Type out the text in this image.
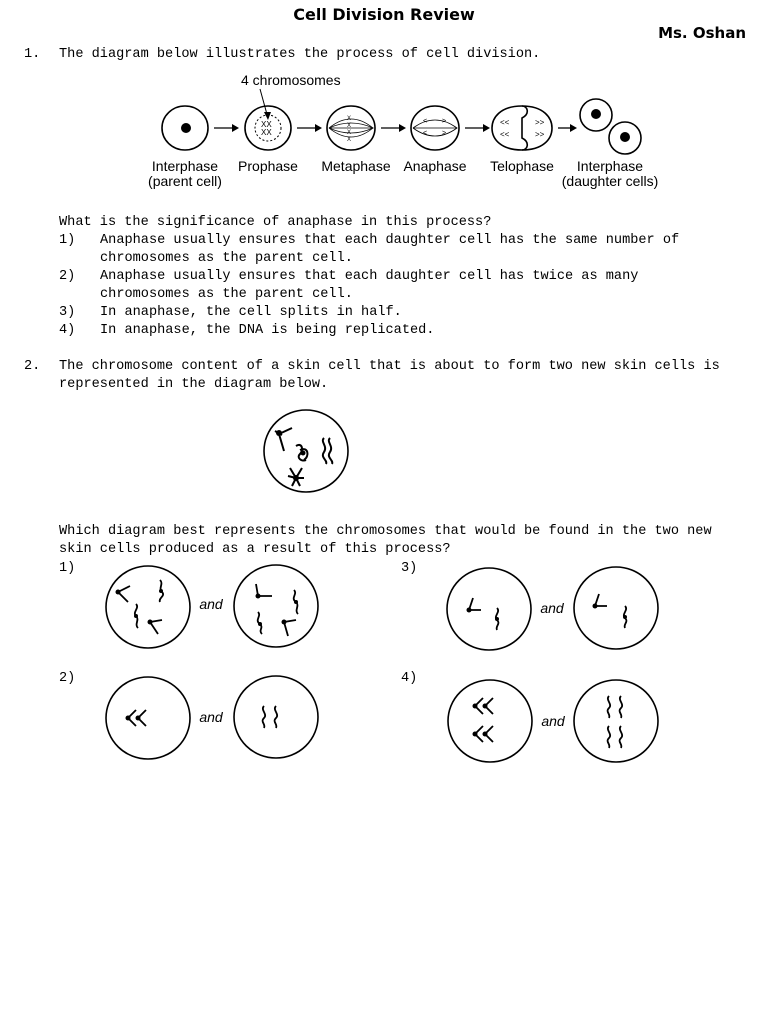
Cell Division Review
Ms. Oshan
1. The diagram below illustrates the process of cell division.
4 chromosomes
XX
XX
X
X
X
X
< >
< >
<<
<<
>>
>>
Interphase
(parent cell)
Prophase Metaphase Anaphase Telophase Interphase
(daughter cells)
What is the significance of anaphase in this process?
1) Anaphase usually ensures that each daughter cell has the same number of
chromosomes as the parent cell.
2) Anaphase usually ensures that each daughter cell has twice as many
chromosomes as the parent cell.
3) In anaphase, the cell splits in half.
4) In anaphase, the DNA is being replicated.
2. The chromosome content of a skin cell that is about to form two new skin cells is
represented in the diagram below.
Which diagram best represents the chromosomes that would be found in the two new
skin cells produced as a result of this process?
1)
and
3)
and
2)
and
4)
and
